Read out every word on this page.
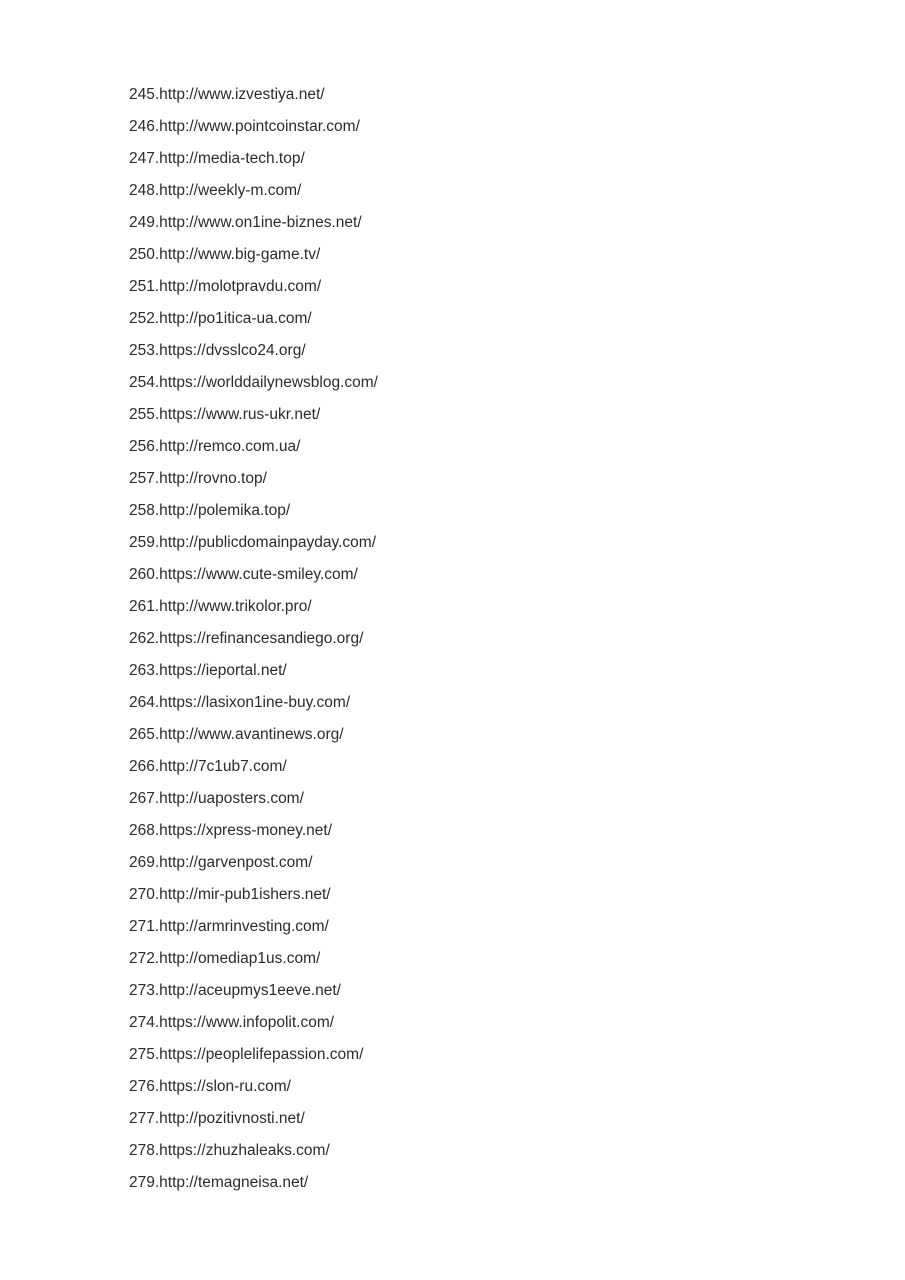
245.http://www.izvestiya.net/
246.http://www.pointcoinstar.com/
247.http://media-tech.top/
248.http://weekly-m.com/
249.http://www.on1ine-biznes.net/
250.http://www.big-game.tv/
251.http://molotpravdu.com/
252.http://po1itica-ua.com/
253.https://dvsslco24.org/
254.https://worlddailynewsblog.com/
255.https://www.rus-ukr.net/
256.http://remco.com.ua/
257.http://rovno.top/
258.http://polemika.top/
259.http://publicdomainpayday.com/
260.https://www.cute-smiley.com/
261.http://www.trikolor.pro/
262.https://refinancesandiego.org/
263.https://ieportal.net/
264.https://lasixon1ine-buy.com/
265.http://www.avantinews.org/
266.http://7c1ub7.com/
267.http://uaposters.com/
268.https://xpress-money.net/
269.http://garvenpost.com/
270.http://mir-pub1ishers.net/
271.http://armrinvesting.com/
272.http://omediap1us.com/
273.http://aceupmys1eeve.net/
274.https://www.infopolit.com/
275.https://peoplelifepassion.com/
276.https://slon-ru.com/
277.http://pozitivnosti.net/
278.https://zhuzhaleaks.com/
279.http://temagneisa.net/
